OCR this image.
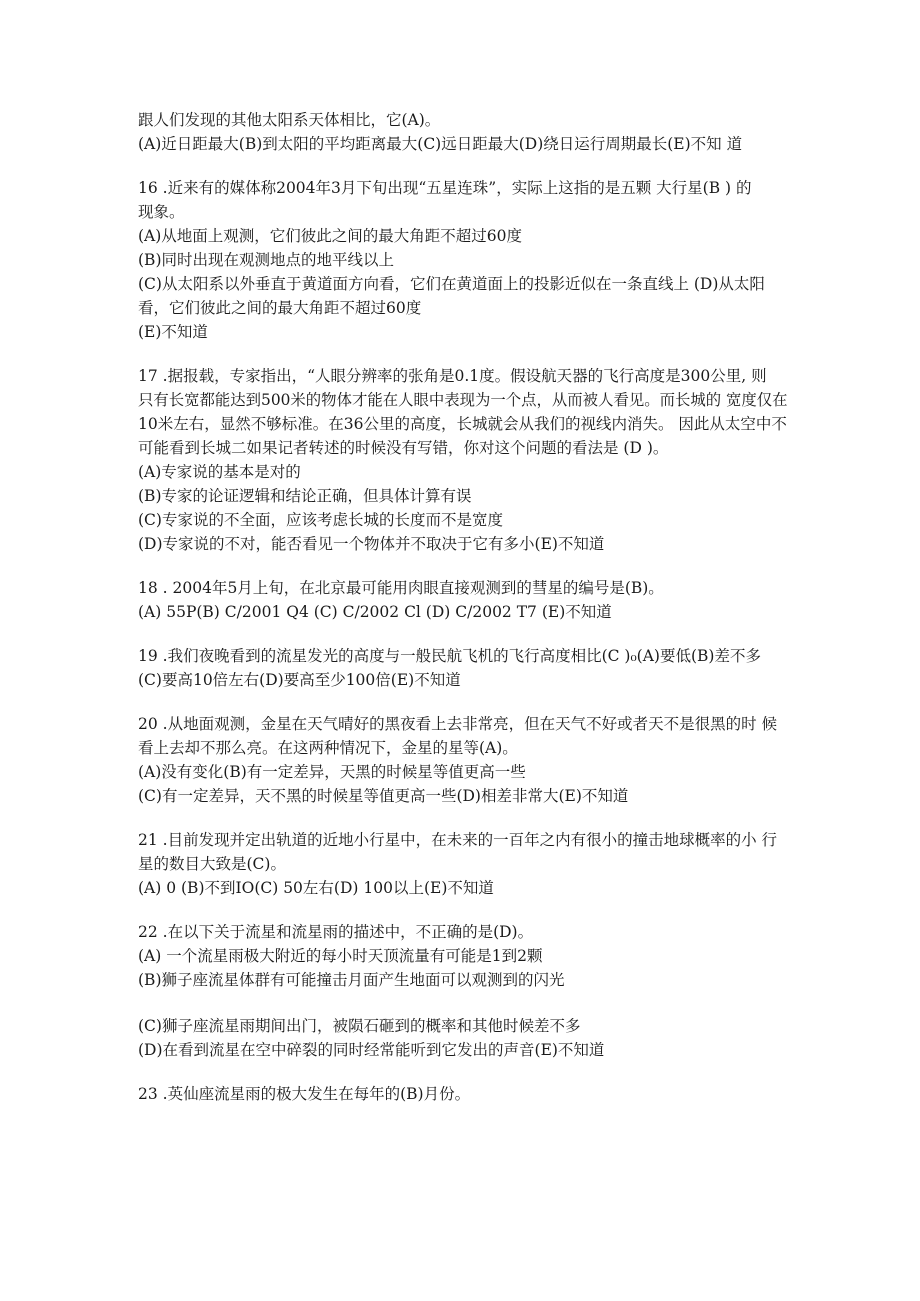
跟人们发现的其他太阳系天体相比，它(A)。
(A)近日距最大(B)到太阳的平均距离最大(C)远日距最大(D)绕日运行周期最长(E)不知 道
16 .近来有的媒体称2004年3月下旬出现“五星连珠”，实际上这指的是五颗 大行星(B ) 的
现象。
(A)从地面上观测，它们彼此之间的最大角距不超过60度
(B)同时出现在观测地点的地平线以上
(C)从太阳系以外垂直于黄道面方向看，它们在黄道面上的投影近似在一条直线上 (D)从太阳
看，它们彼此之间的最大角距不超过60度
(E)不知道
17 .据报载，专家指出，“人眼分辨率的张角是0.1度。假设航天器的飞行高度是300公里, 则
只有长宽都能达到500米的物体才能在人眼中表现为一个点，从而被人看见。而长城的 宽度仅在
10米左右，显然不够标准。在36公里的高度，长城就会从我们的视线内消失。 因此从太空中不
可能看到长城二如果记者转述的时候没有写错，你对这个问题的看法是 (D )。
(A)专家说的基本是对的
(B)专家的论证逻辑和结论正确，但具体计算有误
(C)专家说的不全面，应该考虑长城的长度而不是宽度
(D)专家说的不对，能否看见一个物体并不取决于它有多小(E)不知道
18 . 2004年5月上旬，在北京最可能用肉眼直接观测到的彗星的编号是(B)。
(A) 55P(B) C/2001 Q4 (C) C/2002 Cl (D) C/2002 T7 (E)不知道
19 .我们夜晚看到的流星发光的高度与一般民航飞机的飞行高度相比(C )₀(A)要低(B)差不多
(C)要高10倍左右(D)要高至少100倍(E)不知道
20 .从地面观测，金星在天气晴好的黑夜看上去非常亮，但在天气不好或者天不是很黑的时 候
看上去却不那么亮。在这两种情况下，金星的星等(A)。
(A)没有变化(B)有一定差异，天黑的时候星等值更高一些
(C)有一定差异，天不黑的时候星等值更高一些(D)相差非常大(E)不知道
21 .目前发现并定出轨道的近地小行星中，在未来的一百年之内有很小的撞击地球概率的小 行
星的数目大致是(C)。
(A) 0 (B)不到IO(C) 50左右(D) 100以上(E)不知道
22 .在以下关于流星和流星雨的描述中，不正确的是(D)。
(A) 一个流星雨极大附近的每小时天顶流量有可能是1到2颗
(B)狮子座流星体群有可能撞击月面产生地面可以观测到的闪光
(C)狮子座流星雨期间出门，被陨石砸到的概率和其他时候差不多
(D)在看到流星在空中碎裂的同时经常能听到它发出的声音(E)不知道
23 .英仙座流星雨的极大发生在每年的(B)月份。
